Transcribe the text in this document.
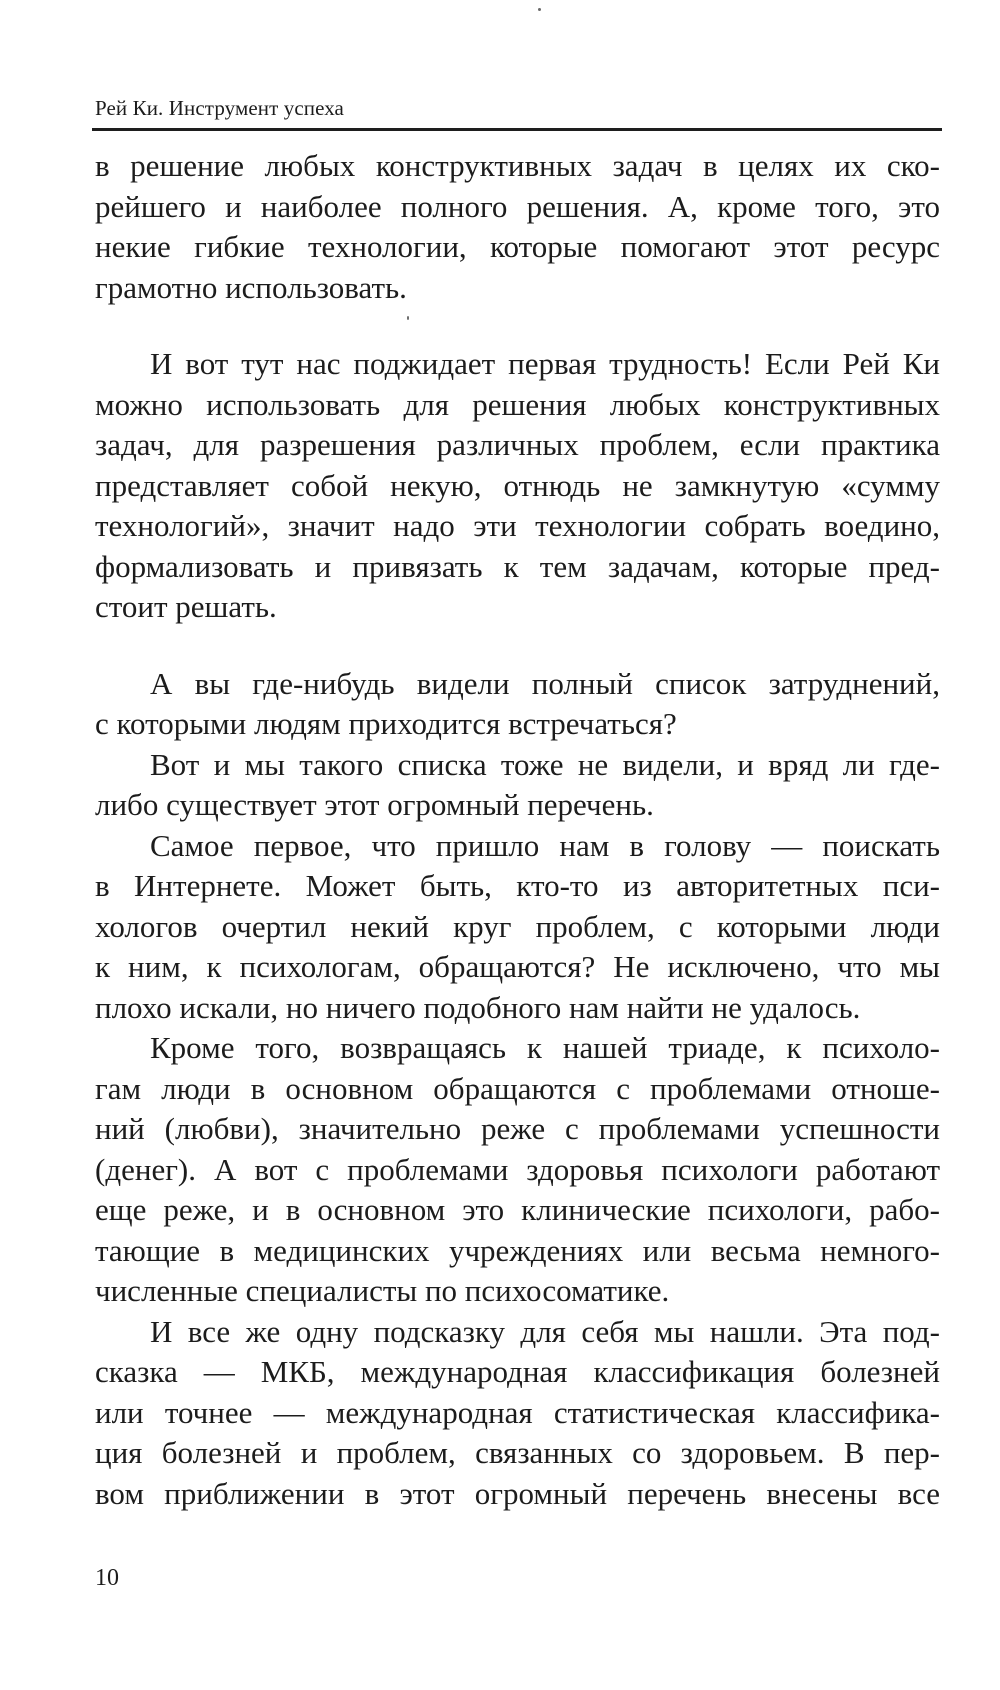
Рей Ки. Инструмент успеха
в решение любых конструктивных задач в целях их ско-
рейшего и наиболее полного решения. А, кроме того, это
некие гибкие технологии, которые помогают этот ресурс
грамотно использовать.
И вот тут нас поджидает первая трудность! Если Рей Ки
можно использовать для решения любых конструктивных
задач, для разрешения различных проблем, если практика
представляет собой некую, отнюдь не замкнутую «сумму
технологий», значит надо эти технологии собрать воедино,
формализовать и привязать к тем задачам, которые пред-
стоит решать.
А вы где-нибудь видели полный список затруднений,
с которыми людям приходится встречаться?
Вот и мы такого списка тоже не видели, и вряд ли где-
либо существует этот огромный перечень.
Самое первое, что пришло нам в голову — поискать
в Интернете. Может быть, кто-то из авторитетных пси-
хологов очертил некий круг проблем, с которыми люди
к ним, к психологам, обращаются? Не исключено, что мы
плохо искали, но ничего подобного нам найти не удалось.
Кроме того, возвращаясь к нашей триаде, к психоло-
гам люди в основном обращаются с проблемами отноше-
ний (любви), значительно реже с проблемами успешности
(денег). А вот с проблемами здоровья психологи работают
еще реже, и в основном это клинические психологи, рабо-
тающие в медицинских учреждениях или весьма немного-
численные специалисты по психосоматике.
И все же одну подсказку для себя мы нашли. Эта под-
сказка — МКБ, международная классификация болезней
или точнее — международная статистическая классифика-
ция болезней и проблем, связанных со здоровьем. В пер-
вом приближении в этот огромный перечень внесены все
10
